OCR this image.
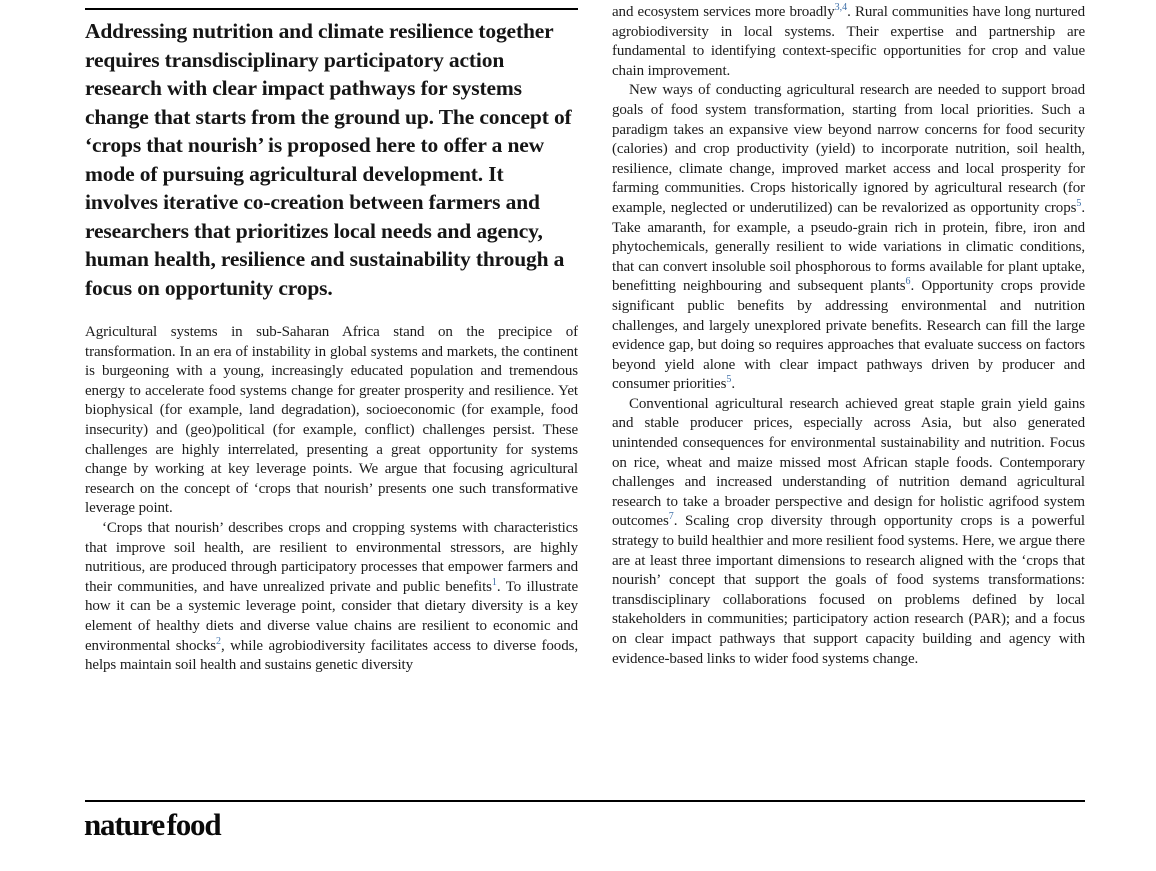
Addressing nutrition and climate resilience together requires transdisciplinary participatory action research with clear impact pathways for systems change that starts from the ground up. The concept of ‘crops that nourish’ is proposed here to offer a new mode of pursuing agricultural development. It involves iterative co-creation between farmers and researchers that prioritizes local needs and agency, human health, resilience and sustainability through a focus on opportunity crops.

Agricultural systems in sub-Saharan Africa stand on the precipice of transformation. In an era of instability in global systems and markets, the continent is burgeoning with a young, increasingly educated population and tremendous energy to accelerate food systems change for greater prosperity and resilience. Yet biophysical (for example, land degradation), socioeconomic (for example, food insecurity) and (geo)political (for example, conflict) challenges persist. These challenges are highly interrelated, presenting a great opportunity for systems change by working at key leverage points. We argue that focusing agricultural research on the concept of ‘crops that nourish’ presents one such transformative leverage point.

‘Crops that nourish’ describes crops and cropping systems with characteristics that improve soil health, are resilient to environmental stressors, are highly nutritious, are produced through participatory processes that empower farmers and their communities, and have unrealized private and public benefits$^1$. To illustrate how it can be a systemic leverage point, consider that dietary diversity is a key element of healthy diets and diverse value chains are resilient to economic and environmental shocks$^2$, while agrobiodiversity facilitates access to diverse foods, helps maintain soil health and sustains genetic diversity

and ecosystem services more broadly$^{3,4}$. Rural communities have long nurtured agrobiodiversity in local systems. Their expertise and partnership are fundamental to identifying context-specific opportunities for crop and value chain improvement.

New ways of conducting agricultural research are needed to support broad goals of food system transformation, starting from local priorities. Such a paradigm takes an expansive view beyond narrow concerns for food security (calories) and crop productivity (yield) to incorporate nutrition, soil health, resilience, climate change, improved market access and local prosperity for farming communities. Crops historically ignored by agricultural research (for example, neglected or underutilized) can be revalorized as opportunity crops$^5$. Take amaranth, for example, a pseudo-grain rich in protein, fibre, iron and phytochemicals, generally resilient to wide variations in climatic conditions, that can convert insoluble soil phosphorous to forms available for plant uptake, benefitting neighbouring and subsequent plants$^6$. Opportunity crops provide significant public benefits by addressing environmental and nutrition challenges, and largely unexplored private benefits. Research can fill the large evidence gap, but doing so requires approaches that evaluate success on factors beyond yield alone with clear impact pathways driven by producer and consumer priorities$^5$.

Conventional agricultural research achieved great staple grain yield gains and stable producer prices, especially across Asia, but also generated unintended consequences for environmental sustainability and nutrition. Focus on rice, wheat and maize missed most African staple foods. Contemporary challenges and increased understanding of nutrition demand agricultural research to take a broader perspective and design for holistic agrifood system outcomes$^7$. Scaling crop diversity through opportunity crops is a powerful strategy to build healthier and more resilient food systems. Here, we argue there are at least three important dimensions to research aligned with the ‘crops that nourish’ concept that support the goals of food systems transformations: transdisciplinary collaborations focused on problems defined by local stakeholders in communities; participatory action research (PAR); and a focus on clear impact pathways that support capacity building and agency with evidence-based links to wider food systems change.

nature food
